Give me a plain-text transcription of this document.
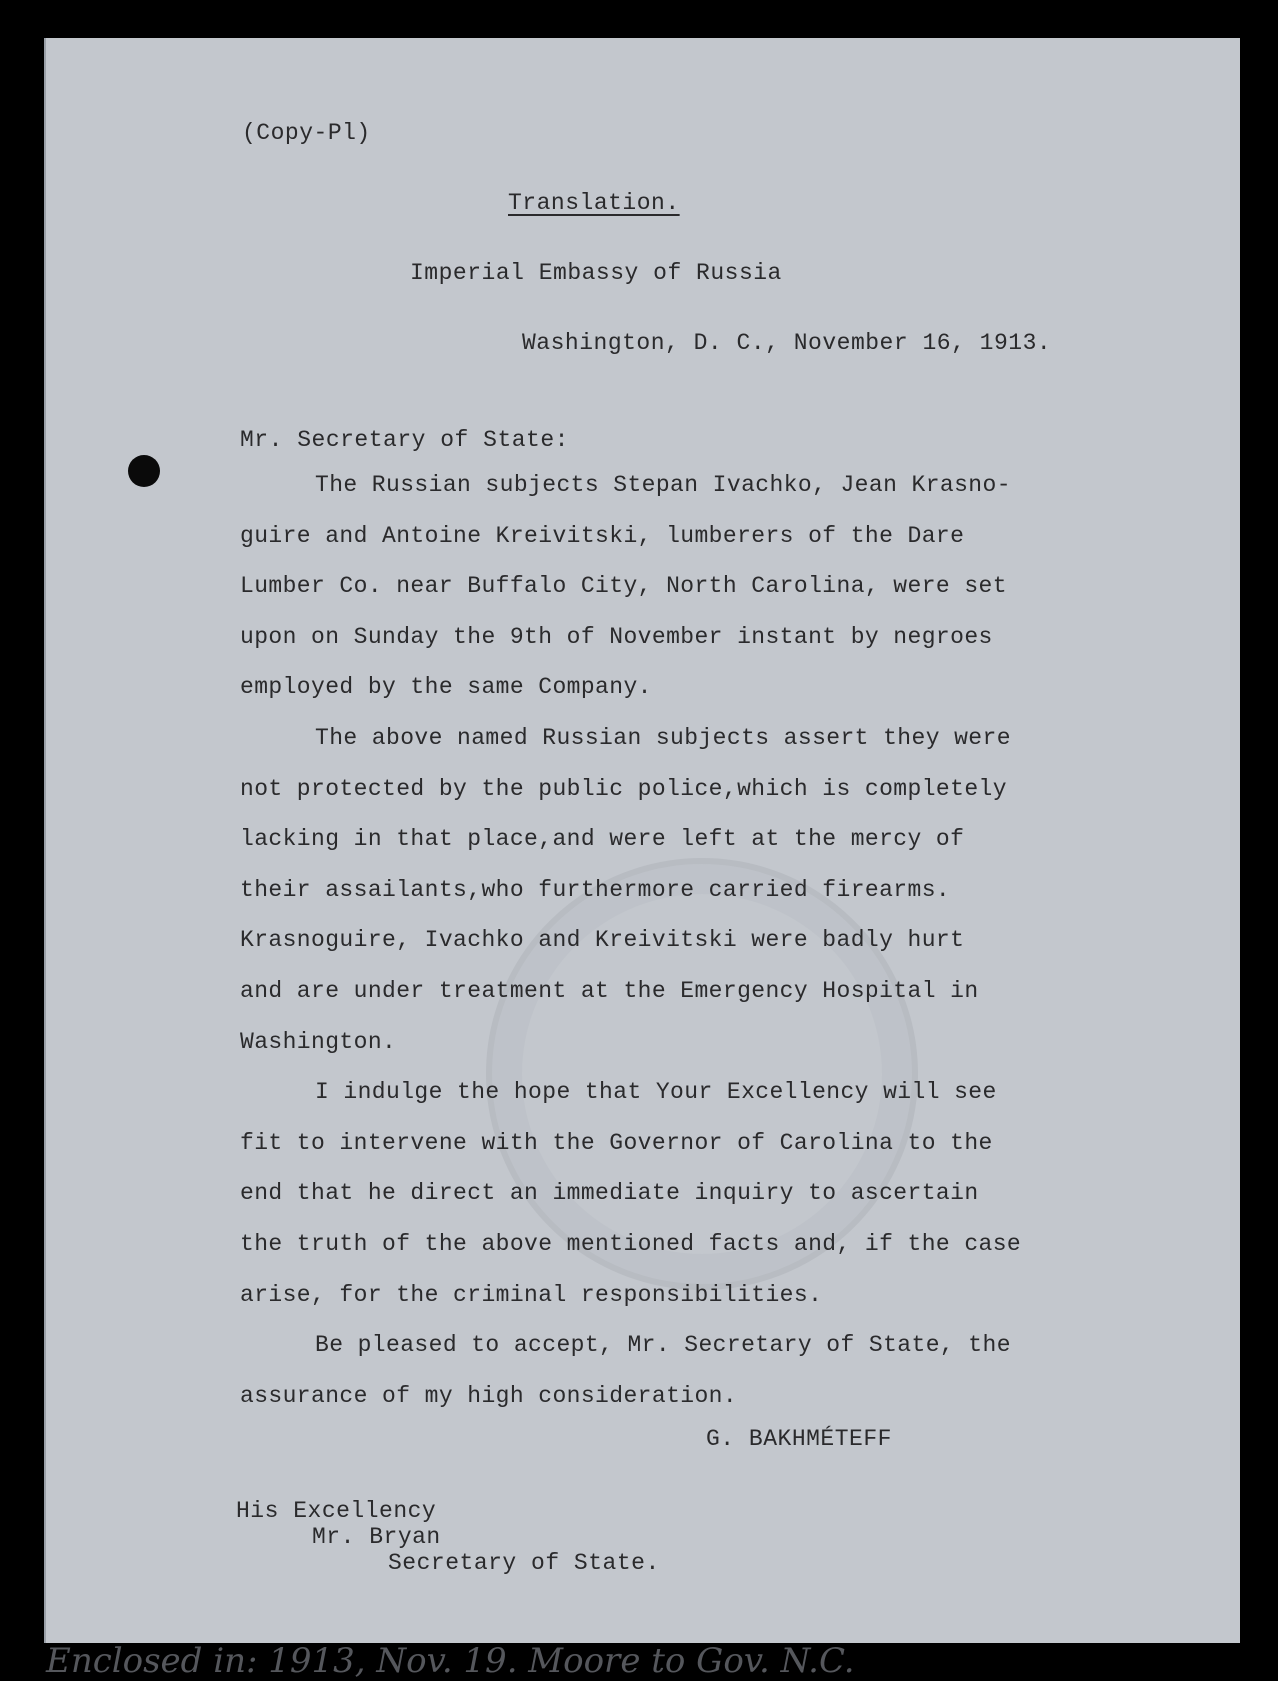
(Copy-Pl)
Translation.
Imperial Embassy of Russia
Washington, D. C., November 16, 1913.
Mr. Secretary of State:
The Russian subjects Stepan Ivachko, Jean Krasno-
guire and Antoine Kreivitski, lumberers of the Dare
Lumber Co. near Buffalo City, North Carolina, were set
upon on Sunday the 9th of November instant by negroes
employed by the same Company.
The above named Russian subjects assert they were
not protected by the public police,which is completely
lacking in that place,and were left at the mercy of
their assailants,who furthermore carried firearms.
Krasnoguire, Ivachko and Kreivitski were badly hurt
and are under treatment at the Emergency Hospital in
Washington.
I indulge the hope that Your Excellency will see
fit to intervene with the Governor of Carolina to the
end that he direct an immediate inquiry to ascertain
the truth of the above mentioned facts and, if the case
arise, for the criminal responsibilities.
Be pleased to accept, Mr. Secretary of State, the
assurance of my high consideration.
G. BAKHMÉTEFF
His Excellency
Mr. Bryan
Secretary of State.
Enclosed in: 1913, Nov. 19. Moore to Gov. N.C.
